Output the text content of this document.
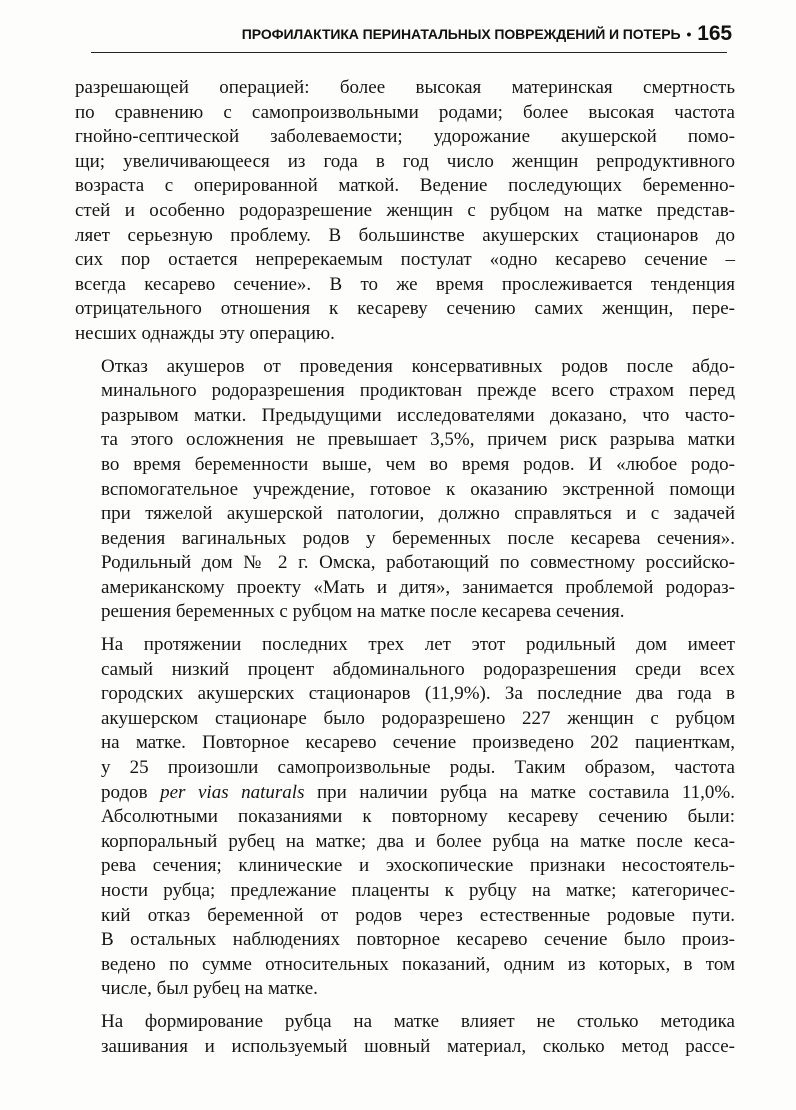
ПРОФИЛАКТИКА ПЕРИНАТАЛЬНЫХ ПОВРЕЖДЕНИЙ И ПОТЕРЬ • 165

разрешающей операцией: более высокая материнская смертность
по сравнению с самопроизвольными родами; более высокая частота
гнойно-септической заболеваемости; удорожание акушерской помо-
щи; увеличивающееся из года в год число женщин репродуктивного
возраста с оперированной маткой. Ведение последующих беременно-
стей и особенно родоразрешение женщин с рубцом на матке представ-
ляет серьезную проблему. В большинстве акушерских стационаров до
сих пор остается непререкаемым постулат «одно кесарево сечение –
всегда кесарево сечение». В то же время прослеживается тенденция
отрицательного отношения к кесареву сечению самих женщин, пере-
несших однажды эту операцию.

Отказ акушеров от проведения консервативных родов после абдо-
минального родоразрешения продиктован прежде всего страхом перед
разрывом матки. Предыдущими исследователями доказано, что часто-
та этого осложнения не превышает 3,5%, причем риск разрыва матки
во время беременности выше, чем во время родов. И «любое родо-
вспомогательное учреждение, готовое к оказанию экстренной помощи
при тяжелой акушерской патологии, должно справляться и с задачей
ведения вагинальных родов у беременных после кесарева сечения».
Родильный дом № 2 г. Омска, работающий по совместному российско-
американскому проекту «Мать и дитя», занимается проблемой родораз-
решения беременных с рубцом на матке после кесарева сечения.

На протяжении последних трех лет этот родильный дом имеет
самый низкий процент абдоминального родоразрешения среди всех
городских акушерских стационаров (11,9%). За последние два года в
акушерском стационаре было родоразрешено 227 женщин с рубцом
на матке. Повторное кесарево сечение произведено 202 пациенткам,
у 25 произошли самопроизвольные роды. Таким образом, частота
родов per vias naturals при наличии рубца на матке составила 11,0%.
Абсолютными показаниями к повторному кесареву сечению были:
корпоральный рубец на матке; два и более рубца на матке после кеса-
рева сечения; клинические и эхоскопические признаки несостоятель-
ности рубца; предлежание плаценты к рубцу на матке; категоричес-
кий отказ беременной от родов через естественные родовые пути.
В остальных наблюдениях повторное кесарево сечение было произ-
ведено по сумме относительных показаний, одним из которых, в том
числе, был рубец на матке.

На формирование рубца на матке влияет не столько методика
зашивания и используемый шовный материал, сколько метод рассе-
